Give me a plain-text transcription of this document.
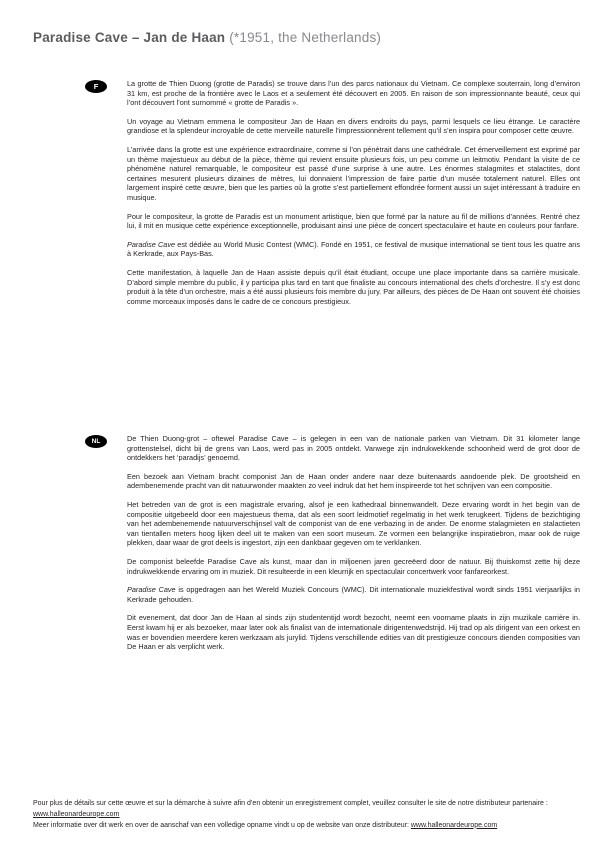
Paradise Cave – Jan de Haan (*1951, the Netherlands)
F	La grotte de Thien Duong (grotte de Paradis) se trouve dans l’un des parcs nationaux du Vietnam. Ce complexe souterrain, long d’environ 31 km, est proche de la frontière avec le Laos et a seulement été découvert en 2005. En raison de son impressionnante beauté, ceux qui l’ont découvert l’ont surnommé « grotte de Paradis ».

Un voyage au Vietnam emmena le compositeur Jan de Haan en divers endroits du pays, parmi lesquels ce lieu étrange. Le caractère grandiose et la splendeur incroyable de cette merveille naturelle l’impressionnèrent tellement qu’il s’en inspira pour composer cette œuvre.

L’arrivée dans la grotte est une expérience extraordinaire, comme si l’on pénétrait dans une cathédrale. Cet émerveillement est exprimé par un thème majestueux au début de la pièce, thème qui revient ensuite plusieurs fois, un peu comme un leitmotiv. Pendant la visite de ce phénomène naturel remarquable, le compositeur est passé d’une surprise à une autre. Les énormes stalagmites et stalactites, dont certaines mesurent plusieurs dizaines de mètres, lui donnaient l’impression de faire partie d’un musée totalement naturel. Elles ont largement inspiré cette œuvre, bien que les parties où la grotte s’est partiellement effondrée forment aussi un sujet intéressant à traduire en musique.

Pour le compositeur, la grotte de Paradis est un monument artistique, bien que formé par la nature au fil de millions d’années. Rentré chez lui, il mit en musique cette expérience exceptionnelle, produisant ainsi une pièce de concert spectaculaire et haute en couleurs pour fanfare.

Paradise Cave est dédiée au World Music Contest (WMC). Fondé en 1951, ce festival de musique international se tient tous les quatre ans à Kerkrade, aux Pays-Bas.

Cette manifestation, à laquelle Jan de Haan assiste depuis qu’il était étudiant, occupe une place importante dans sa carrière musicale. D’abord simple membre du public, il y participa plus tard en tant que finaliste au concours international des chefs d’orchestre. Il s’y est donc produit à la tête d’un orchestre, mais a été aussi plusieurs fois membre du jury. Par ailleurs, des pièces de De Haan ont souvent été choisies comme morceaux imposés dans le cadre de ce concours prestigieux.

NL	De Thien Duong-grot – oftewel Paradise Cave – is gelegen in een van de nationale parken van Vietnam. Dit 31 kilometer lange grottenstelsel, dicht bij de grens van Laos, werd pas in 2005 ontdekt. Vanwege zijn indrukwekkende schoonheid werd de grot door de ontdekkers het ‘paradijs’ genoemd.

Een bezoek aan Vietnam bracht componist Jan de Haan onder andere naar deze buitenaards aandoende plek. De grootsheid en adembenemende pracht van dit natuurwonder maakten zo veel indruk dat het hem inspireerde tot het schrijven van een compositie.

Het betreden van de grot is een magistrale ervaring, alsof je een kathedraal binnenwandelt. Deze ervaring wordt in het begin van de compositie uitgebeeld door een majestueus thema, dat als een soort leidmotief regelmatig in het werk terugkeert. Tijdens de bezichtiging van het adembenemende natuurverschijnsel valt de componist van de ene verbazing in de ander. De enorme stalagmieten en stalactieten van tientallen meters hoog lijken deel uit te maken van een soort museum. Ze vormen een belangrijke inspiratiebron, maar ook de ruige plekken, daar waar de grot deels is ingestort, zijn een dankbaar gegeven om te verklanken.

De componist beleefde Paradise Cave als kunst, maar dan in miljoenen jaren gecreëerd door de natuur. Bij thuiskomst zette hij deze indrukwekkende ervaring om in muziek. Dit resulteerde in een kleurrijk en spectaculair concertwerk voor fanfareorkest.

Paradise Cave is opgedragen aan het Wereld Muziek Concours (WMC). Dit internationale muziekfestival wordt sinds 1951 vierjaarlijks in Kerkrade gehouden.

Dit evenement, dat door Jan de Haan al sinds zijn studententijd wordt bezocht, neemt een voorname plaats in zijn muzikale carrière in. Eerst kwam hij er als bezoeker, maar later ook als finalist van de internationale dirigentenwedstrijd. Hij trad op als dirigent van een orkest en was er bovendien meerdere keren werkzaam als jurylid. Tijdens verschillende edities van dit prestigieuze concours dienden composities van De Haan er als verplicht werk.

Pour plus de détails sur cette œuvre et sur la démarche à suivre afin d’en obtenir un enregistrement complet, veuillez consulter le site de notre distributeur partenaire :
www.halleonardeurope.com
Meer informatie over dit werk en over de aanschaf van een volledige opname vindt u op de website van onze distributeur: www.halleonardeurope.com
